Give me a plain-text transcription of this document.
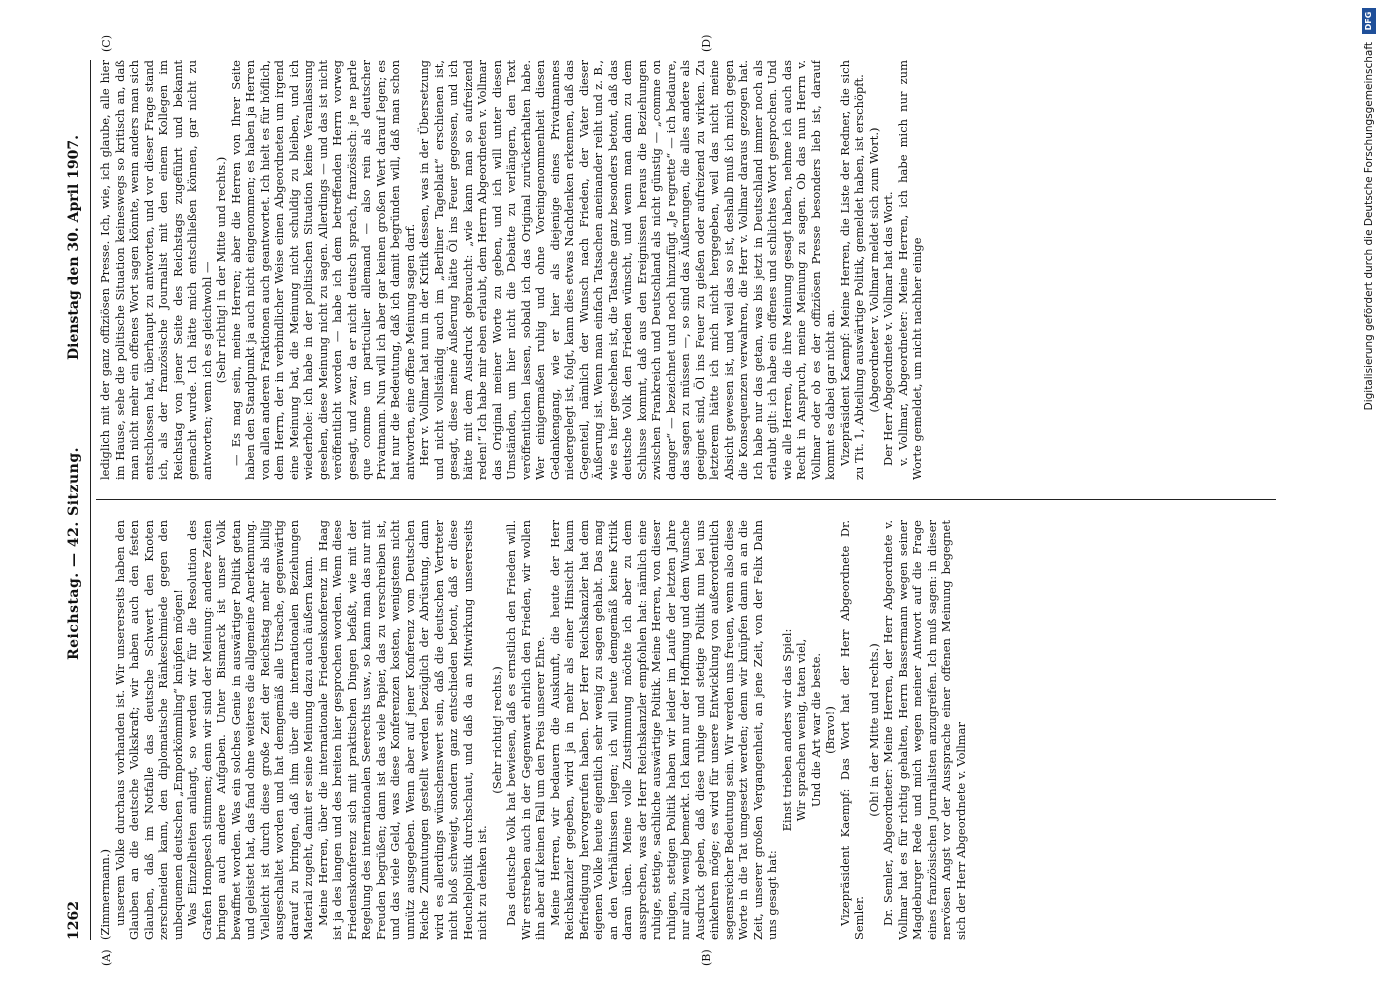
1262
Reichstag. — 42. Sitzung.
Dienstag den 30. April 1907.
(A)	(B)
(C)	(D)

(Zimmermann.) unserem Volke durchaus vorhanden ist. Wir unsererseits haben den Glauben an die deutsche Volkskraft; wir haben auch den festen Glauben, daß im Notfalle das deutsche Schwert den Knoten zerschneiden kann, den diplomatische Ränkeschmiede gegen den unbequemen deutschen „Emporkömmling“ knüpfen mögen! Was Einzelheiten anlangt, so werden wir für die Resolution des Grafen Hompesch stimmen; denn wir sind der Meinung: andere Zeiten bringen auch andere Aufgaben. Unter Bismarck ist unser Volk bewaffnet worden. Was ein solches Genie in auswärtiger Politik getan und geleistet hat, das fand ohne weiteres die allgemeine Anerkennung. Vielleicht ist durch diese große Zeit der Reichstag mehr als billig ausgeschaltet worden und hat demgemäß alle Ursache, gegenwärtig darauf zu bringen, daß ihm über die internationalen Beziehungen Material zugeht, damit er seine Meinung dazu auch äußern kann. Meine Herren, über die internationale Friedenskonferenz im Haag ist ja des langen und des breiten hier gesprochen worden. Wenn diese Friedenskonferenz sich mit praktischen Dingen befaßt, wie mit der Regelung des internationalen Seerechts usw., so kann man das nur mit Freuden begrüßen; dann ist das viele Papier, das zu verschreiben ist, und das viele Geld, was diese Konferenzen kosten, wenigstens nicht unnütz ausgegeben. Wenn aber auf jener Konferenz vom Deutschen Reiche Zumutungen gestellt werden bezüglich der Abrüstung, dann wird es allerdings wünschenswert sein, daß die deutschen Vertreter nicht bloß schweigt, sondern ganz entschieden betont, daß er diese Heuchelpolitik durchschaut, und daß da an Mitwirkung unsererseits nicht zu denken ist.

(Sehr richtig! rechts.) Das deutsche Volk hat bewiesen, daß es ernstlich den Frieden will. Wir erstreben auch in der Gegenwart ehrlich den Frieden, wir wollen ihn aber auf keinen Fall um den Preis unserer Ehre. Meine Herren, wir bedauern die Auskunft, die heute der Herr Reichskanzler gegeben, wird ja in mehr als einer Hinsicht kaum Befriedigung hervorgerufen haben. Der Herr Reichskanzler hat dem eigenen Volke heute eigentlich sehr wenig zu sagen gehabt. Das mag an den Verhältnissen liegen; ich will heute demgemäß keine Kritik daran üben. Meine volle Zustimmung möchte ich aber zu dem aussprechen, was der Herr Reichskanzler empfohlen hat: nämlich eine ruhige, stetige, sachliche auswärtige Politik. Meine Herren, von dieser ruhigen, stetigen Politik haben wir leider im Laufe der letzten Jahre nur allzu wenig bemerkt. Ich kann nur der Hoffnung und dem Wunsche Ausdruck geben, daß diese ruhige und stetige Politik nun bei uns einkehren möge; es wird für unsere Entwicklung von außerordentlich segensreicher Bedeutung sein. Wir werden uns freuen, wenn also diese Worte in die Tat umgesetzt werden; denn wir knüpfen dann an an die Zeit, unserer großen Vergangenheit, an jene Zeit, von der Felix Dahn uns gesagt hat:

Einst trieben anders wir das Spiel: Wir sprachen wenig, taten viel, Und die Art war die beste. (Bravo!) Vizepräsident Kaempf: Das Wort hat der Herr Abgeordnete Dr. Semler.

(Oh! in der Mitte und rechts.) Dr. Semler, Abgeordneter: Meine Herren, der Herr Abgeordnete v. Vollmar hat es für richtig gehalten, Herrn Bassermann wegen seiner Magdeburger Rede und mich wegen meiner Antwort auf die Frage eines französischen Journalisten anzugreifen. Ich muß sagen: in dieser nervösen Angst vor der Aussprache einer offenen Meinung begegnet sich der Herr Abgeordnete v. Vollmar

lediglich mit der ganz offiziösen Presse. Ich, wie, ich glaube, alle hier im Hause, sehe die politische Situation keineswegs so kritisch an, daß man nicht mehr ein offenes Wort sagen könnte, wenn anders man sich entschlossen hat, überhaupt zu antworten, und vor dieser Frage stand ich, als der französische Journalist mit den einem Kollegen im Reichstag von jener Seite des Reichstags zugeführt und bekannt gemacht wurde. Ich hätte mich entschließen können, gar nicht zu antworten; wenn ich es gleichwohl — (Sehr richtig! in der Mitte und rechts.) — Es mag sein, meine Herren; aber die Herren von Ihrer Seite haben den Standpunkt ja auch nicht eingenommen; es haben ja Herren von allen anderen Fraktionen auch geantwortet. Ich hielt es für höflich, dem Herrn, der in verbindlicher Weise einen Abgeordneten um irgend eine Meinung bat, die Meinung nicht schuldig zu bleiben, und ich wiederhole: ich habe in der politischen Situation keine Veranlassung gesehen, diese Meinung nicht zu sagen. Allerdings — und das ist nicht veröffentlicht worden — habe ich dem betreffenden Herrn vorweg gesagt, und zwar, da er nicht deutsch sprach, französisch: je ne parle que comme un particulier allemand — also rein als deutscher Privatmann. Nun will ich aber gar keinen großen Wert darauf legen; es hat nur die Bedeutung, daß ich damit begründen will, daß man schon antworten, eine offene Meinung sagen darf. Herr v. Vollmar hat nun in der Kritik dessen, was in der Übersetzung und nicht vollständig auch im „Berliner Tageblatt“ erschienen ist, gesagt, diese meine Äußerung hätte Öl ins Feuer gegossen, und ich hätte mit dem Ausdruck gebraucht: „wie kann man so aufreizend reden!“ Ich habe mir eben erlaubt, dem Herrn Abgeordneten v. Vollmar das Original meiner Worte zu geben, und ich will unter diesen Umständen, um hier nicht die Debatte zu verlängern, den Text veröffentlichen lassen, sobald ich das Original zurückerhalten habe. Wer einigermaßen ruhig und ohne Voreingenommenheit diesen Gedankengang, wie er hier als diejenige eines Privatmannes niedergelegt ist, folgt, kann dies etwas Nachdenken erkennen, daß das Gegenteil, nämlich der Wunsch nach Frieden, der Vater dieser Äußerung ist. Wenn man einfach Tatsachen aneinander reiht und z. B., wie es hier geschehen ist, die Tatsache ganz besonders betont, daß das deutsche Volk den Frieden wünscht, und wenn man dann zu dem Schlusse kommt, daß aus den Ereignissen heraus die Beziehungen zwischen Frankreich und Deutschland als nicht günstig — „comme on danger“ — bezeichnet und noch hinzufügt „Je regrette“ — ich bedaure, das sagen zu müssen —, so sind das Äußerungen, die alles andere als geeignet sind, Öl ins Feuer zu gießen oder aufreizend zu wirken. Zu letzterem hätte ich mich nicht hergegeben, weil das nicht meine Absicht gewesen ist, und weil das so ist, deshalb muß ich mich gegen die Konsequenzen verwahren, die Herr v. Vollmar daraus gezogen hat. Ich habe nur das getan, was bis jetzt in Deutschland immer noch als erlaubt gilt: ich habe ein offenes und schlichtes Wort gesprochen. Und wie alle Herren, die ihre Meinung gesagt haben, nehme ich auch das Recht in Anspruch, meine Meinung zu sagen. Ob das nun Herrn v. Vollmar oder ob es der offiziösen Presse besonders lieb ist, darauf kommt es dabei gar nicht an. Vizepräsident Kaempf: Meine Herren, die Liste der Redner, die sich zu Tit. 1, Abteilung auswärtige Politik, gemeldet haben, ist erschöpft. (Abgeordneter v. Vollmar meldet sich zum Wort.) Der Herr Abgeordnete v. Vollmar hat das Wort. v. Vollmar, Abgeordneter: Meine Herren, ich habe mich nur zum Worte gemeldet, um nicht nachher einige	Digitalisierung gefördert durch die Deutsche Forschungsgemeinschaft
DFG
